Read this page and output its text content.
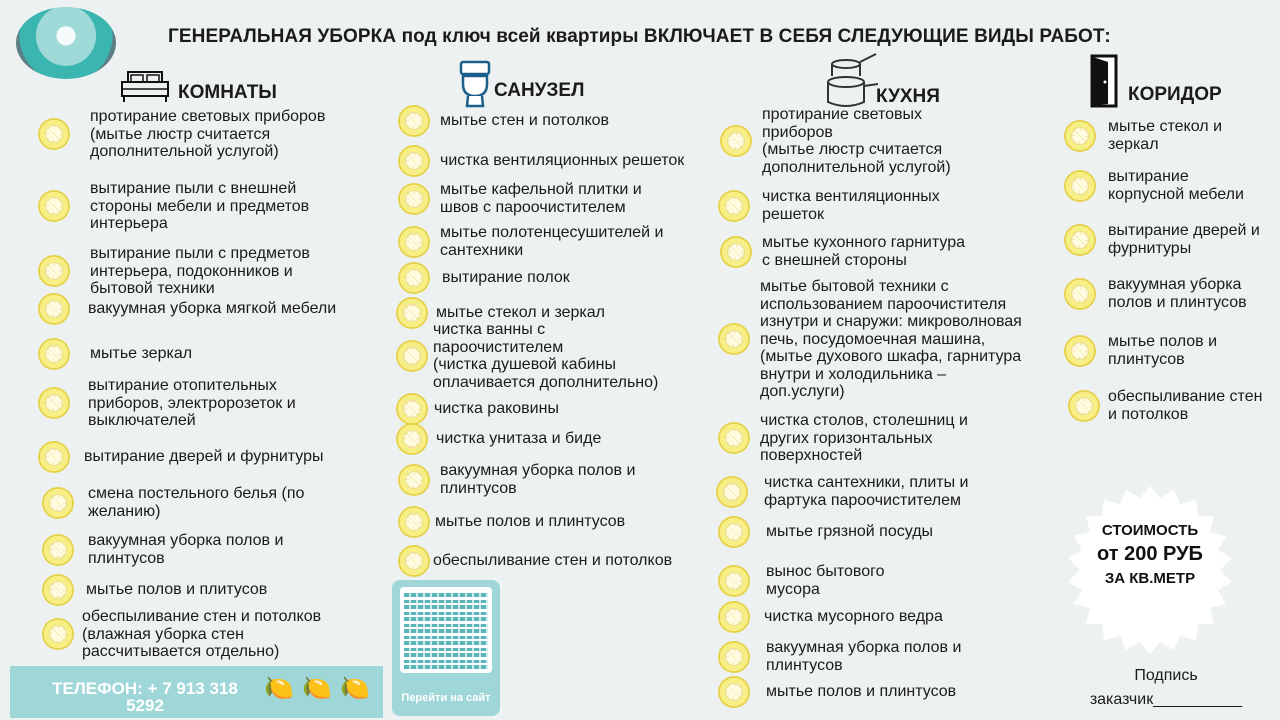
ГЕНЕРАЛЬНАЯ УБОРКА под ключ всей квартиры ВКЛЮЧАЕТ В СЕБЯ СЛЕДУЮЩИЕ ВИДЫ РАБОТ:
КОМНАТЫ	САНУЗЕЛ	КУХНЯ	КОРИДОР
протирание световых приборов
(мытье люстр считается
дополнительной услугой)
вытирание пыли с внешней
стороны мебели и предметов
интерьера
вытирание пыли с предметов
интерьера, подоконников и
бытовой техники
вакуумная уборка мягкой мебели
мытье зеркал
вытирание отопительных
приборов, электророзеток и
выключателей
вытирание дверей и фурнитуры
смена постельного белья (по
желанию)
вакуумная уборка полов и
плинтусов
мытье полов и плитусов
обеспыливание стен и потолков
(влажная уборка стен
рассчитывается отдельно)
мытье стен и потолков
чистка вентиляционных решеток
мытье кафельной плитки и
швов с пароочистителем
мытье полотенцесушителей и
сантехники
вытирание полок
мытье стекол и зеркал
чистка ванны с
пароочистителем
(чистка душевой кабины
оплачивается дополнительно)
чистка раковины
чистка унитаза и биде
вакуумная уборка полов и
плинтусов
мытье полов и плинтусов
обеспыливание стен и потолков
протирание световых
приборов
(мытье люстр считается
дополнительной услугой)
чистка вентиляционных
решеток
мытье кухонного гарнитура
с внешней стороны
мытье бытовой техники с
использованием пароочистителя
изнутри и снаружи: микроволновая
печь, посудомоечная машина,
(мытье духового шкафа, гарнитура
внутри и холодильника –
доп.услуги)
чистка столов, столешниц и
других горизонтальных
поверхностей
чистка сантехники, плиты и
фартука пароочистителем
мытье грязной посуды
вынос бытового
мусора
чистка мусорного ведра
вакуумная уборка полов и
плинтусов
мытье полов и плинтусов
мытье стекол и
зеркал
вытирание
корпусной мебели
вытирание дверей и
фурнитуры
вакуумная уборка
полов и плинтусов
мытье полов и
плинтусов
обеспыливание стен
и потолков
Перейти на сайт
ТЕЛЕФОН: + 7 913 318
5292
🍋 🍋 🍋
СТОИМОСТЬ
от 200 РУБ
ЗА КВ.МЕТР
Подпись
заказчик__________
